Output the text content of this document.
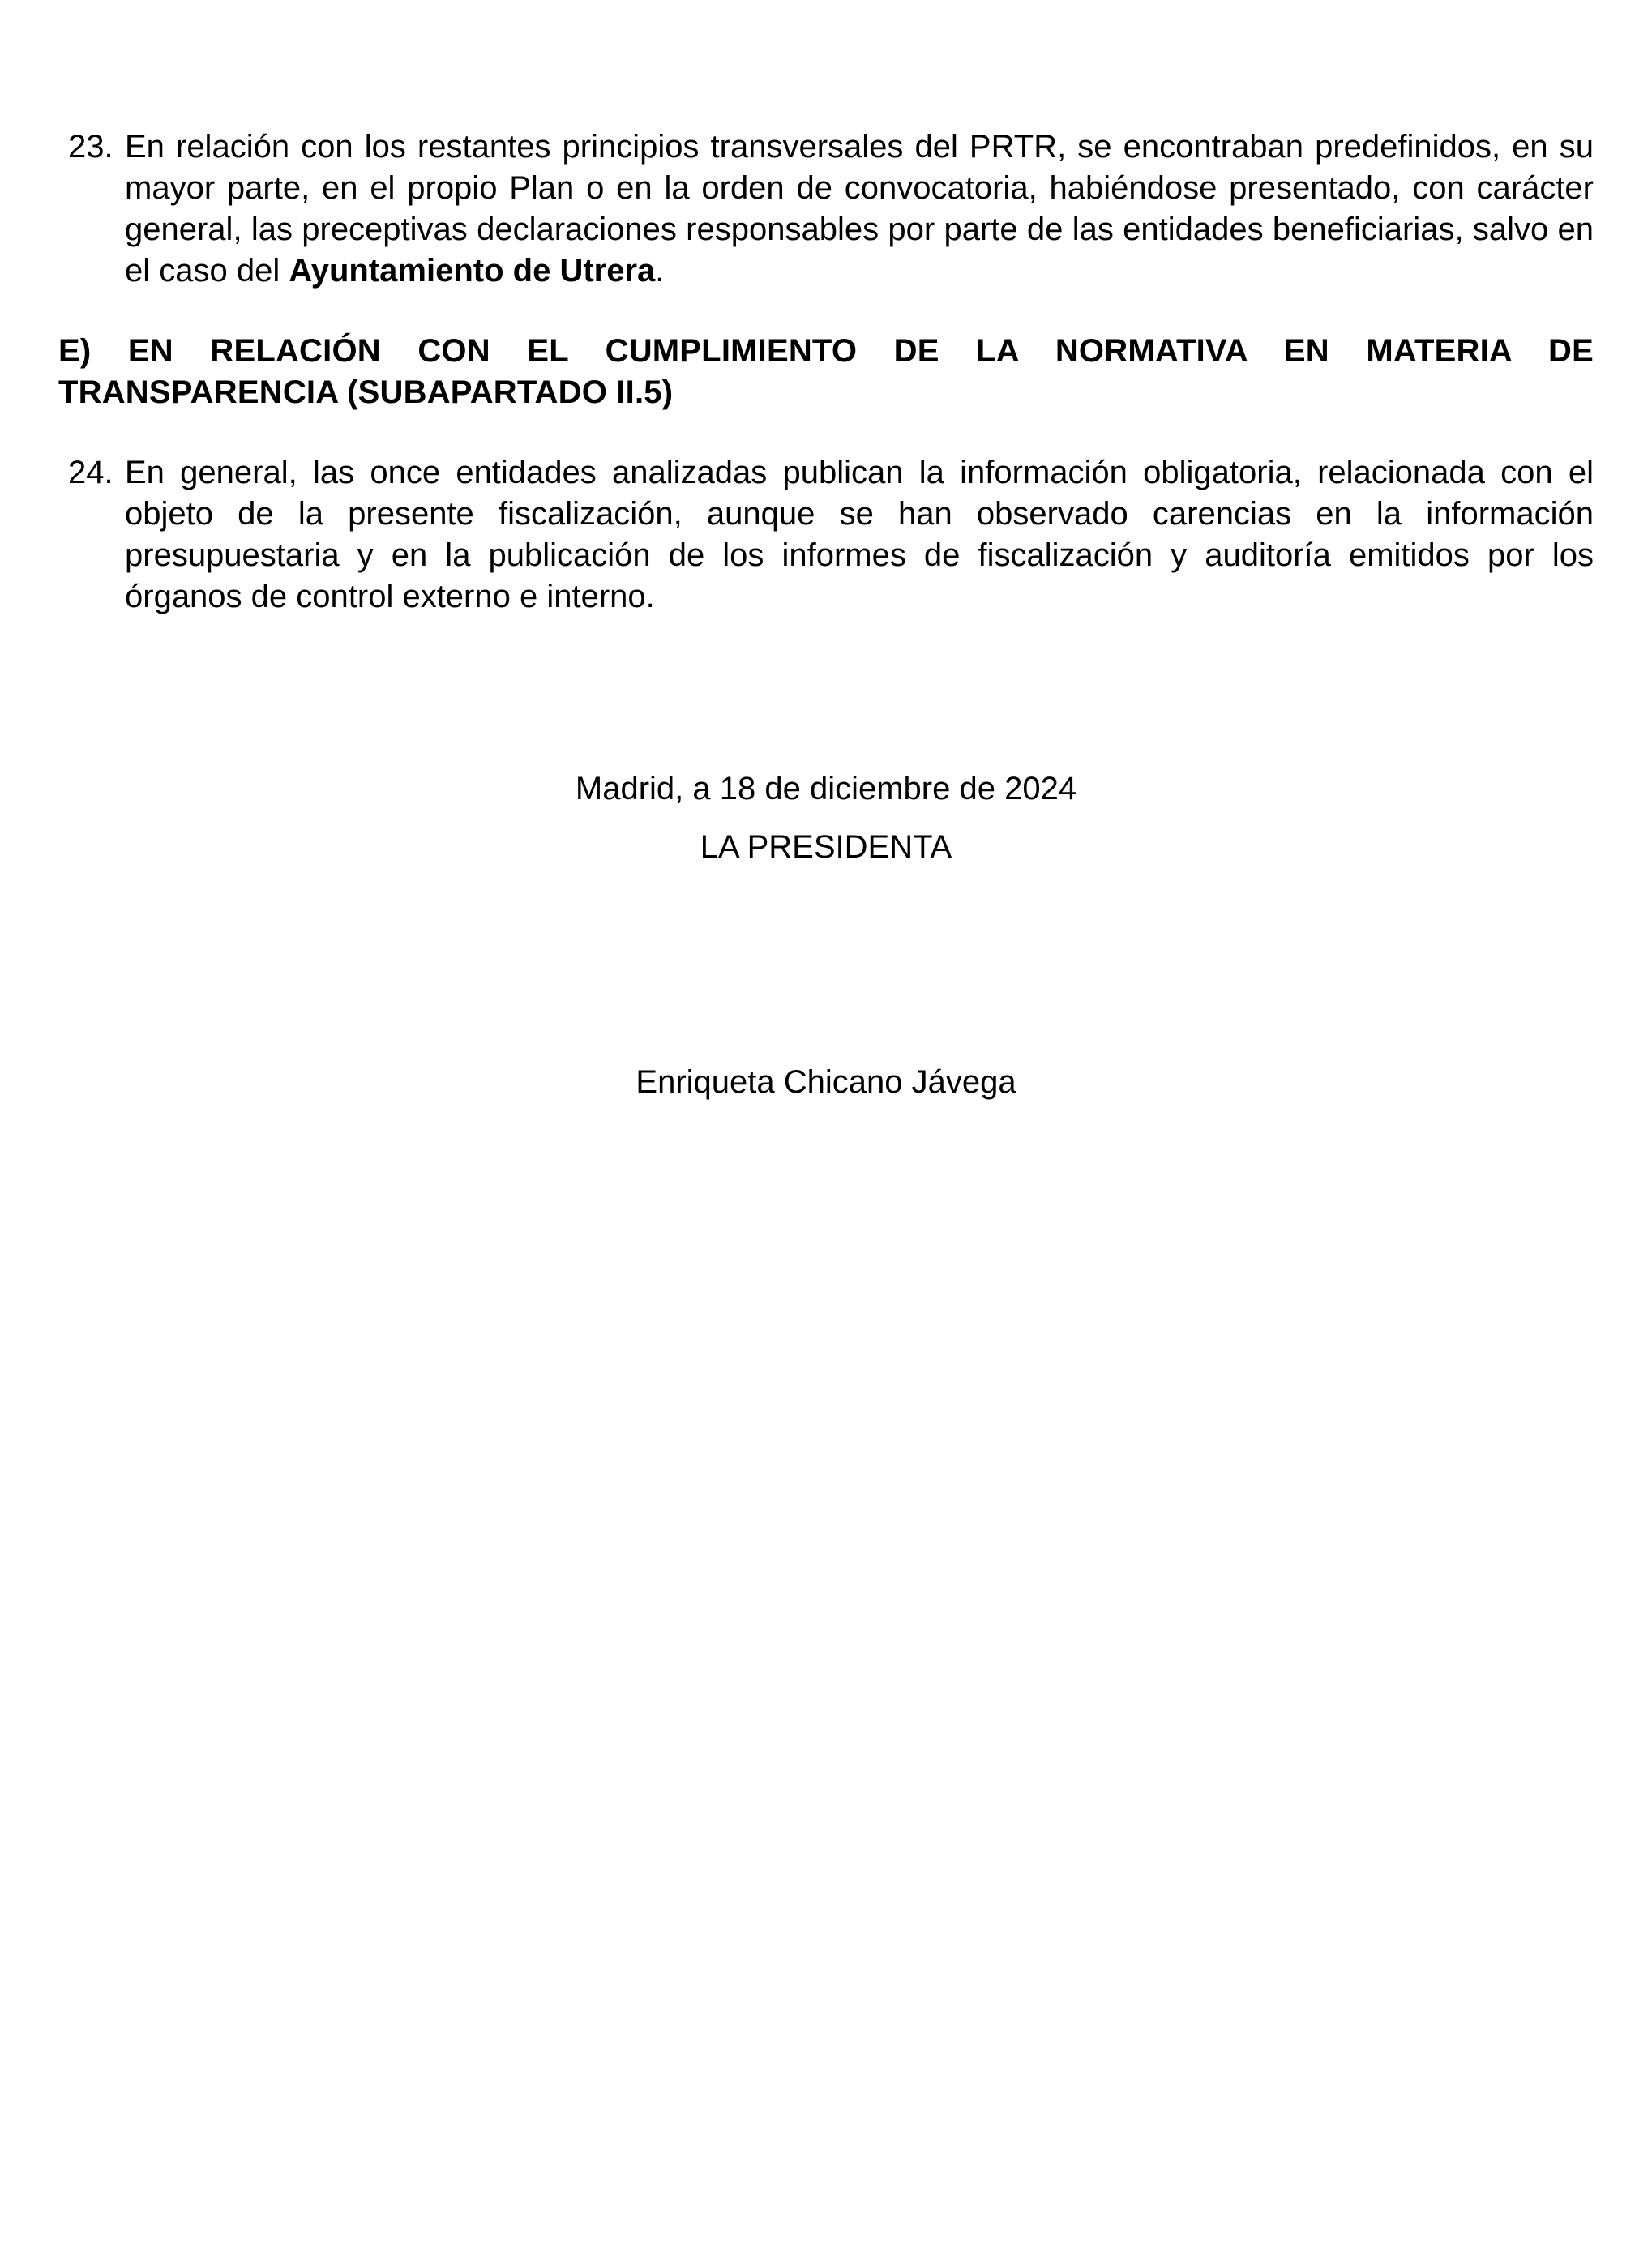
23. En relación con los restantes principios transversales del PRTR, se encontraban predefinidos, en su mayor parte, en el propio Plan o en la orden de convocatoria, habiéndose presentado, con carácter general, las preceptivas declaraciones responsables por parte de las entidades beneficiarias, salvo en el caso del Ayuntamiento de Utrera.

E) EN RELACIÓN CON EL CUMPLIMIENTO DE LA NORMATIVA EN MATERIA DE
TRANSPARENCIA (SUBAPARTADO II.5)

24. En general, las once entidades analizadas publican la información obligatoria, relacionada con el objeto de la presente fiscalización, aunque se han observado carencias en la información presupuestaria y en la publicación de los informes de fiscalización y auditoría emitidos por los órganos de control externo e interno.

Madrid, a 18 de diciembre de 2024
LA PRESIDENTA
Enriqueta Chicano Jávega
